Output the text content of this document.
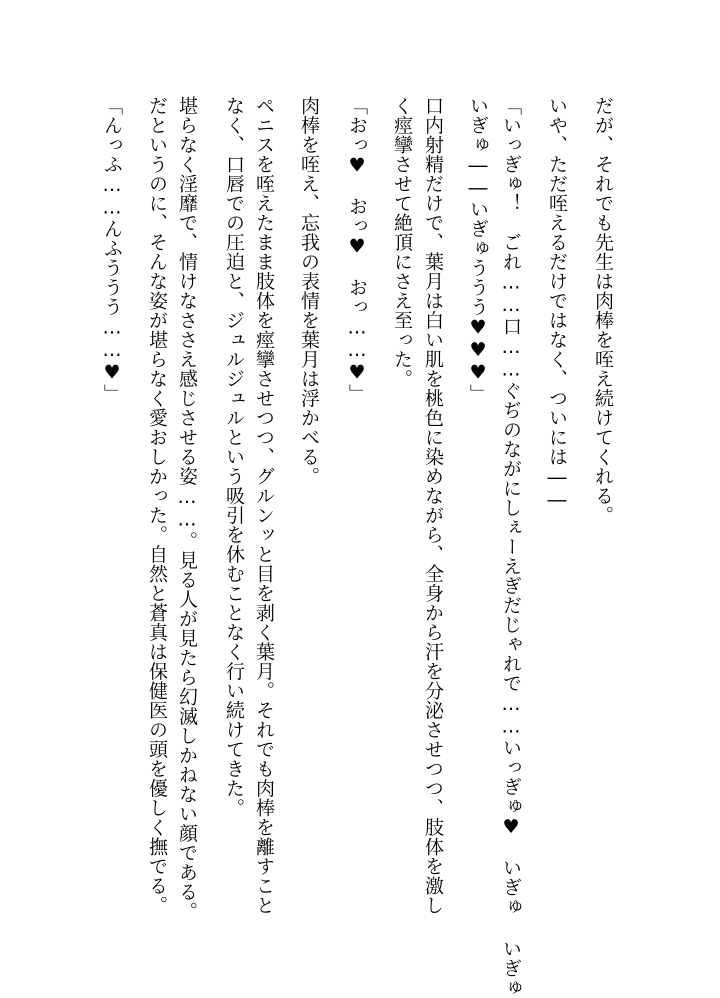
だが、それでも先生は肉棒を咥え続けてくれる。
いや、ただ咥えるだけではなく、ついには――
「いっぎゅ！　ごれ……口……ぐぢのながにしぇーえぎだじゃれで……いっぎゅ♥　いぎゅ いぎゅ
いぎゅ――いぎゅううう♥♥♥」
口内射精だけで、葉月は白い肌を桃色に染めながら、全身から汗を分泌させつつ、肢体を激し
く痙攣させて絶頂にさえ至った。
「おっ♥　おっ♥　おっ……♥」
肉棒を咥え、忘我の表情を葉月は浮かべる。
ペニスを咥えたまま肢体を痙攣させつつ、グルンッと目を剥く葉月。それでも肉棒を離すこと
なく、口唇での圧迫と、ジュルジュルという吸引を休むことなく行い続けてきた。
堪らなく淫靡で、情けなささえ感じさせる姿……。見る人が見たら幻滅しかねない顔である。
だというのに、そんな姿が堪らなく愛おしかった。自然と蒼真は保健医の頭を優しく撫でる。
「んっふ……んふううう……♥」
